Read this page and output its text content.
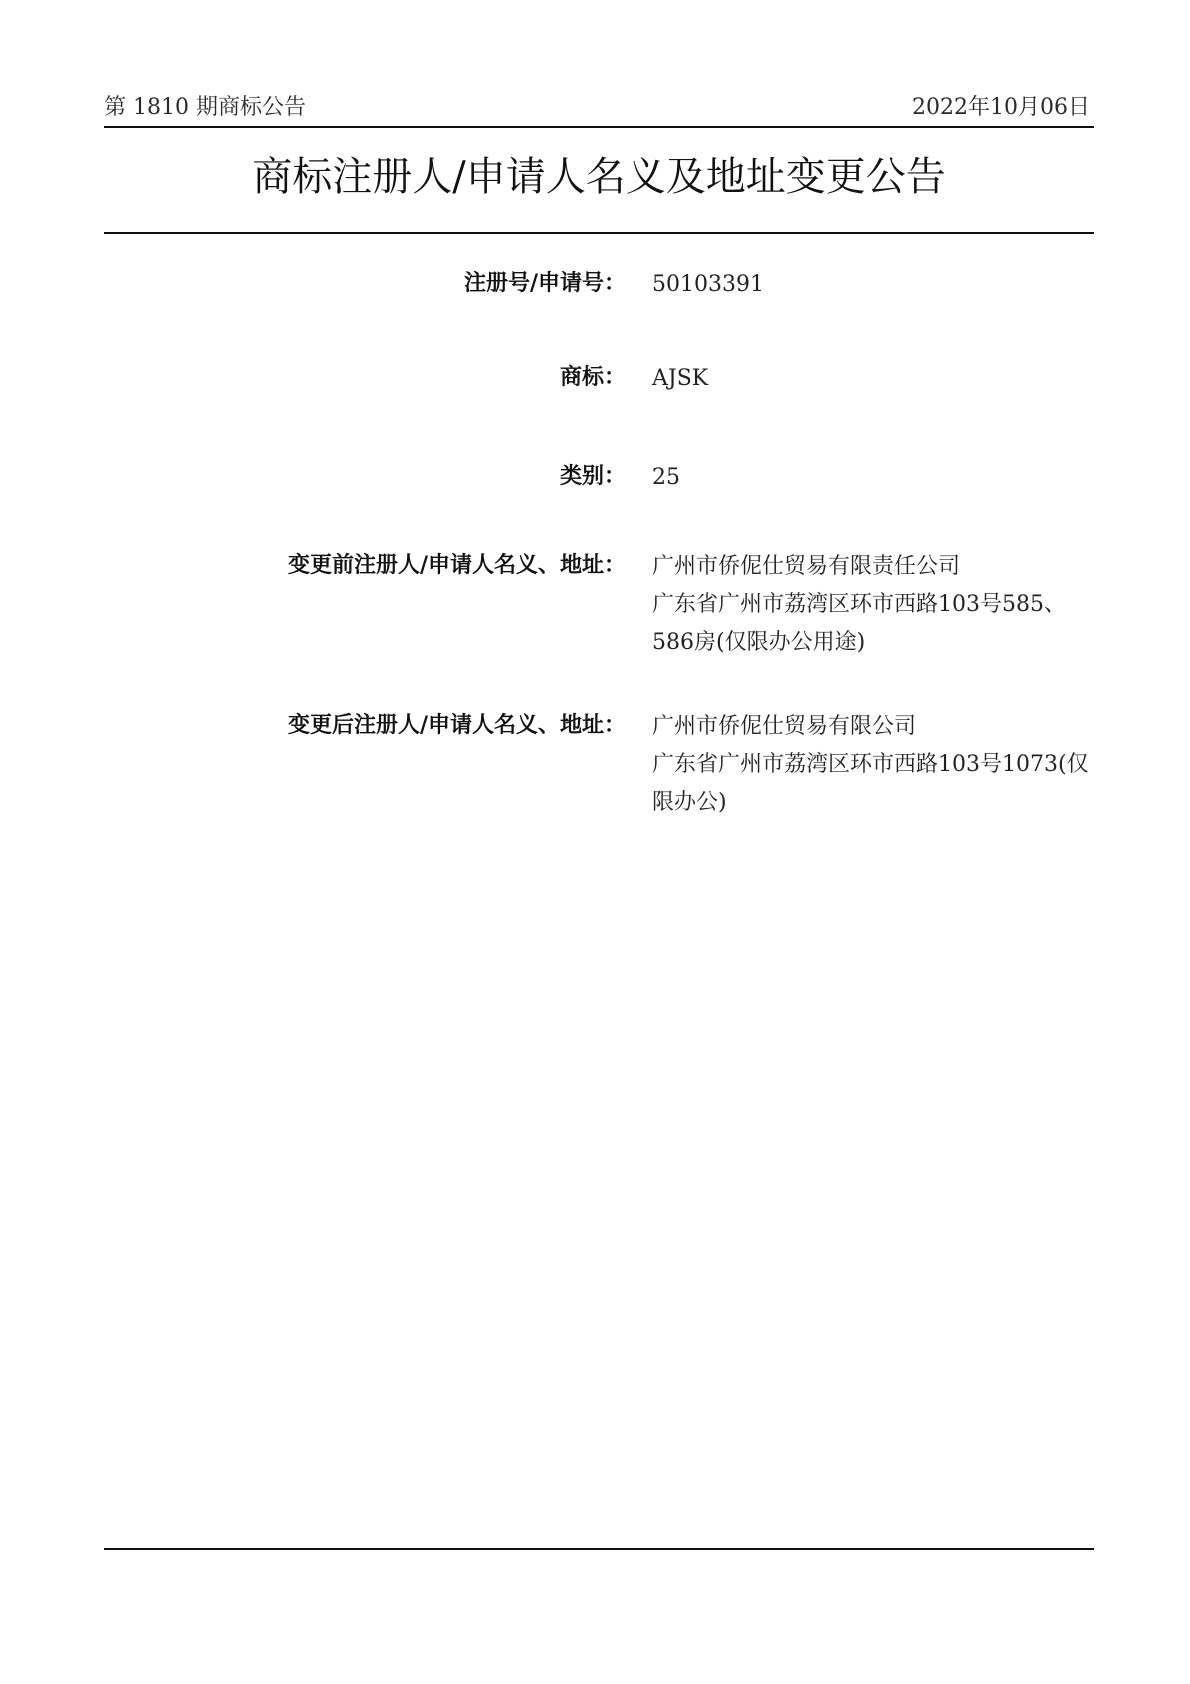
第 1810 期商标公告	2022年10月06日
商标注册人/申请人名义及地址变更公告
注册号/申请号： 50103391
商标： AJSK
类别： 25
变更前注册人/申请人名义、地址： 广州市侨伲仕贸易有限责任公司
广东省广州市荔湾区环市西路103号585、586房(仅限办公用途)
变更后注册人/申请人名义、地址： 广州市侨伲仕贸易有限公司
广东省广州市荔湾区环市西路103号1073(仅限办公)
